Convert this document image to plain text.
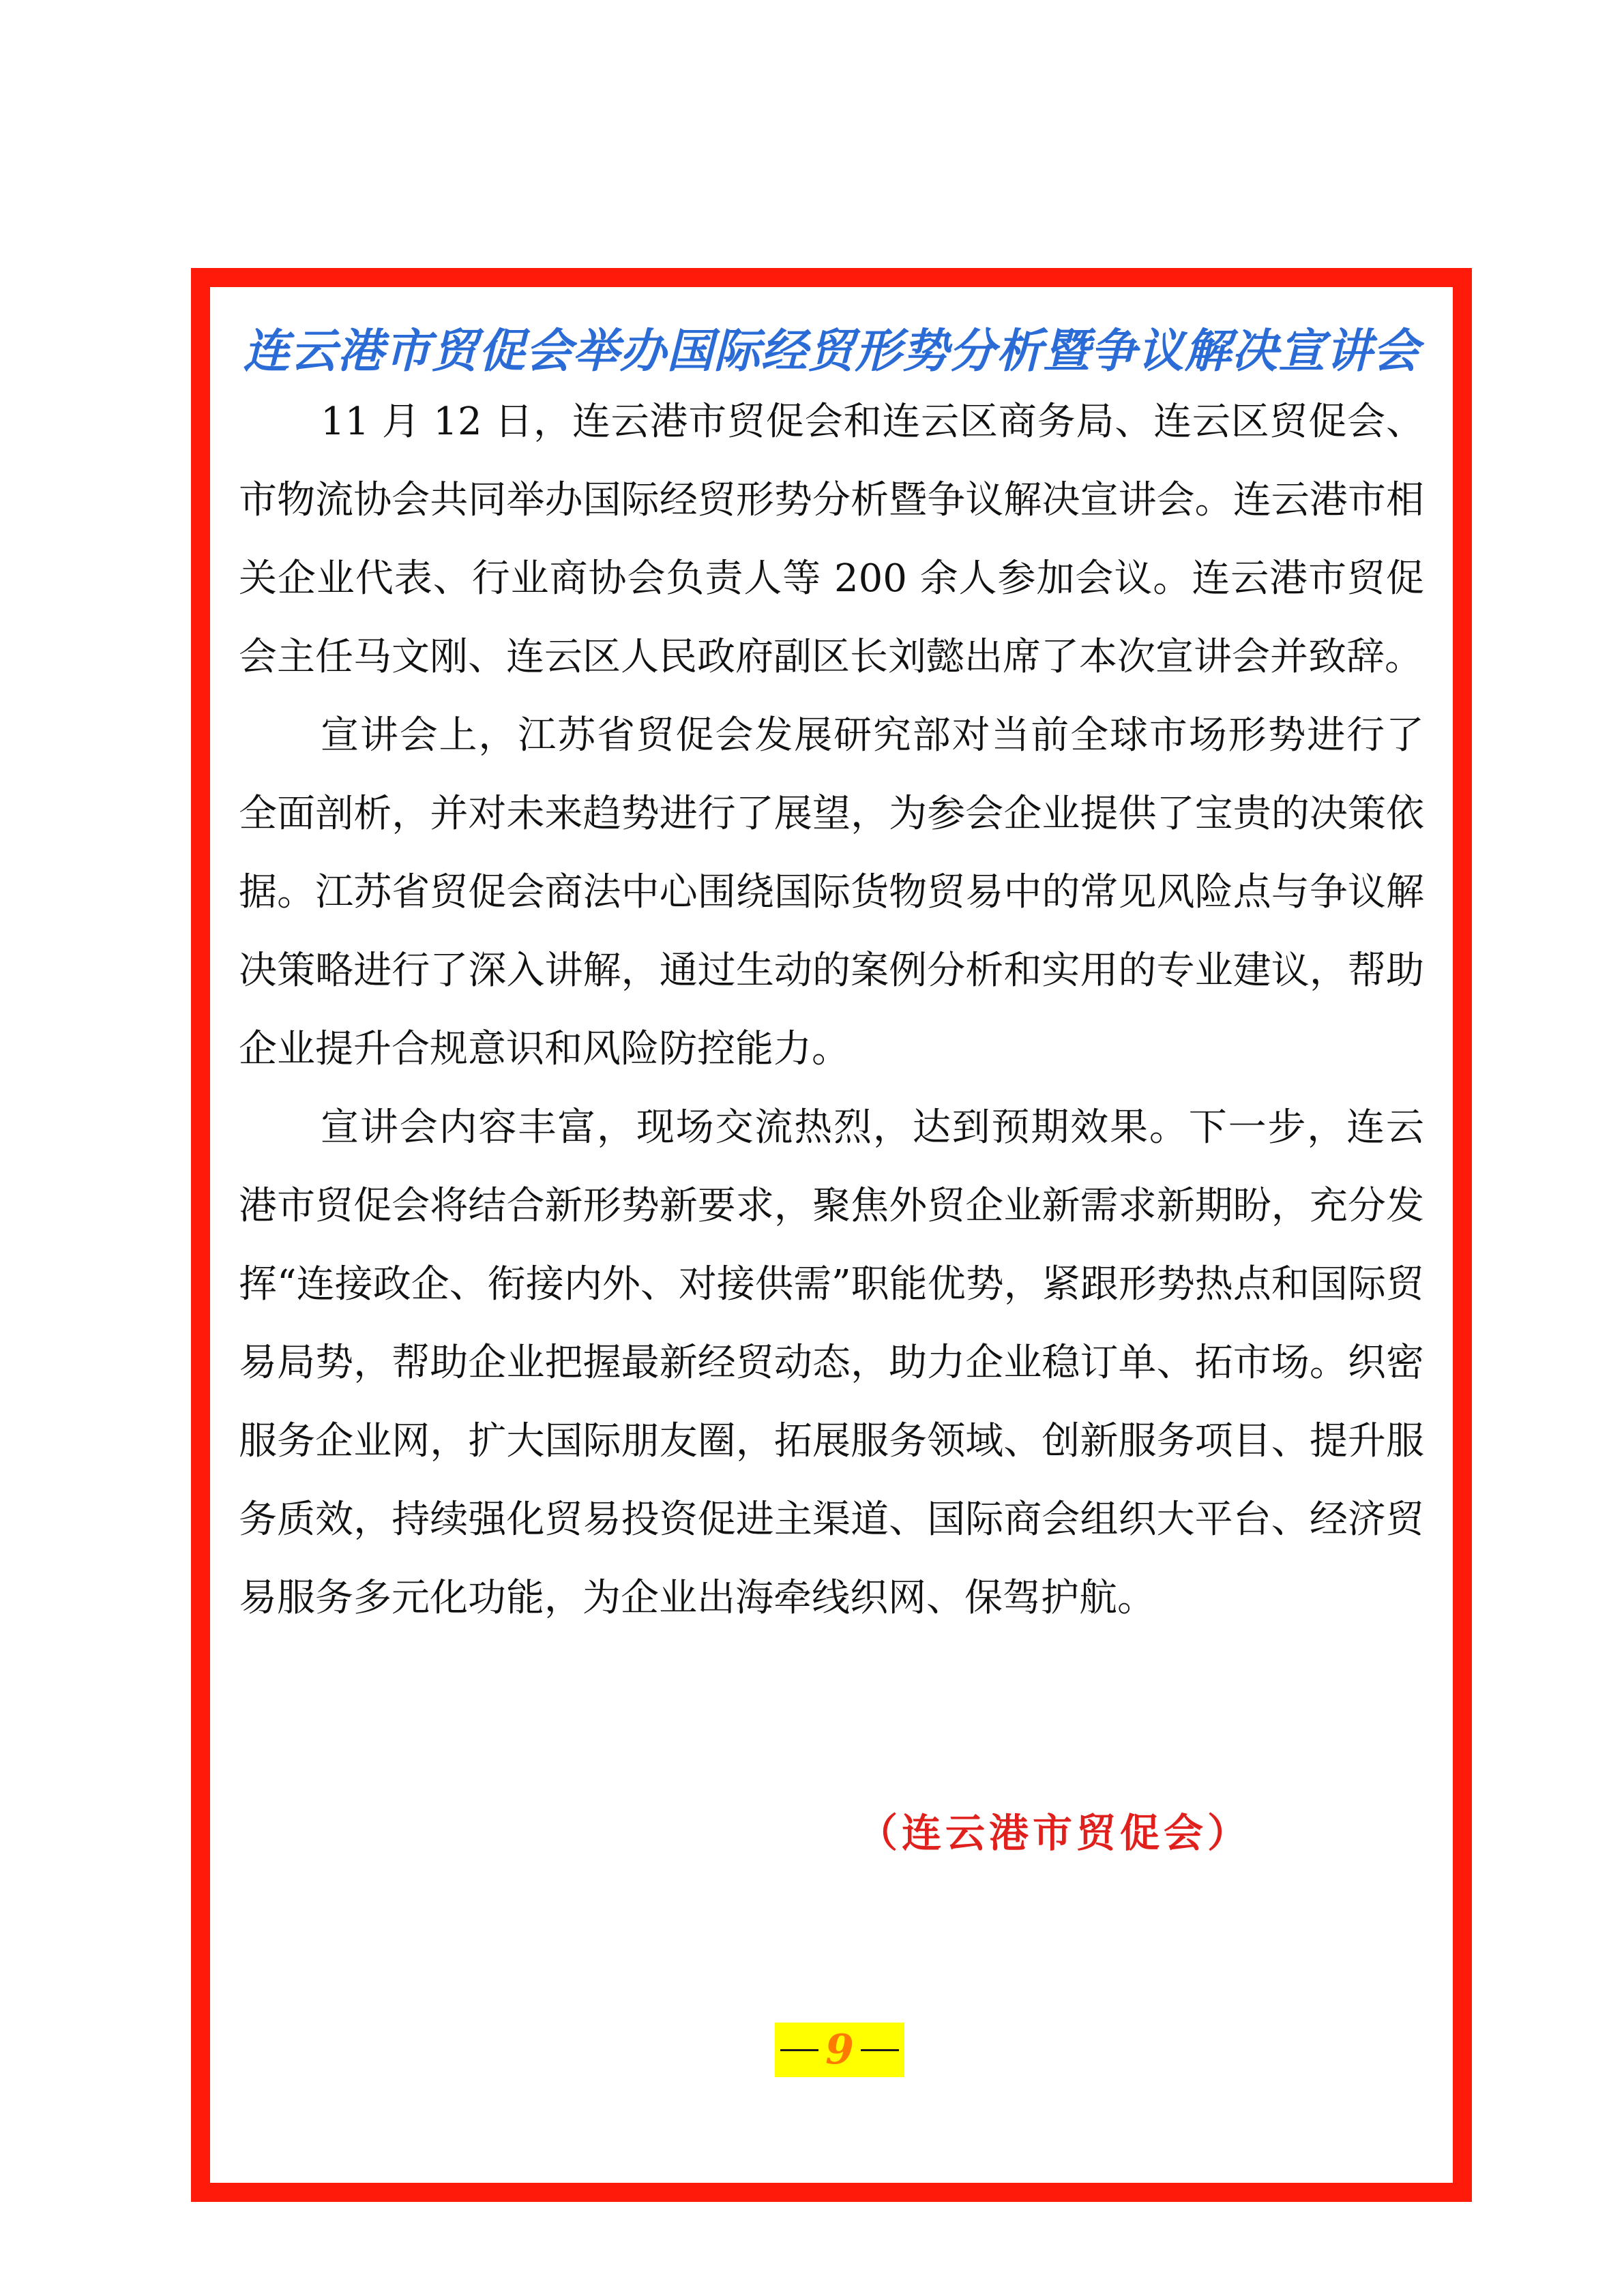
连云港市贸促会举办国际经贸形势分析暨争议解决宣讲会

11 月 12 日，连云港市贸促会和连云区商务局、连云区贸促会、市物流协会共同举办国际经贸形势分析暨争议解决宣讲会。连云港市相关企业代表、行业商协会负责人等 200 余人参加会议。连云港市贸促会主任马文刚、连云区人民政府副区长刘懿出席了本次宣讲会并致辞。

宣讲会上，江苏省贸促会发展研究部对当前全球市场形势进行了全面剖析，并对未来趋势进行了展望，为参会企业提供了宝贵的决策依据。江苏省贸促会商法中心围绕国际货物贸易中的常见风险点与争议解决策略进行了深入讲解，通过生动的案例分析和实用的专业建议，帮助企业提升合规意识和风险防控能力。

宣讲会内容丰富，现场交流热烈，达到预期效果。下一步，连云港市贸促会将结合新形势新要求，聚焦外贸企业新需求新期盼，充分发挥“连接政企、衔接内外、对接供需”职能优势，紧跟形势热点和国际贸易局势，帮助企业把握最新经贸动态，助力企业稳订单、拓市场。织密服务企业网，扩大国际朋友圈，拓展服务领域、创新服务项目、提升服务质效，持续强化贸易投资促进主渠道、国际商会组织大平台、经济贸易服务多元化功能，为企业出海牵线织网、保驾护航。

（连云港市贸促会）
9
